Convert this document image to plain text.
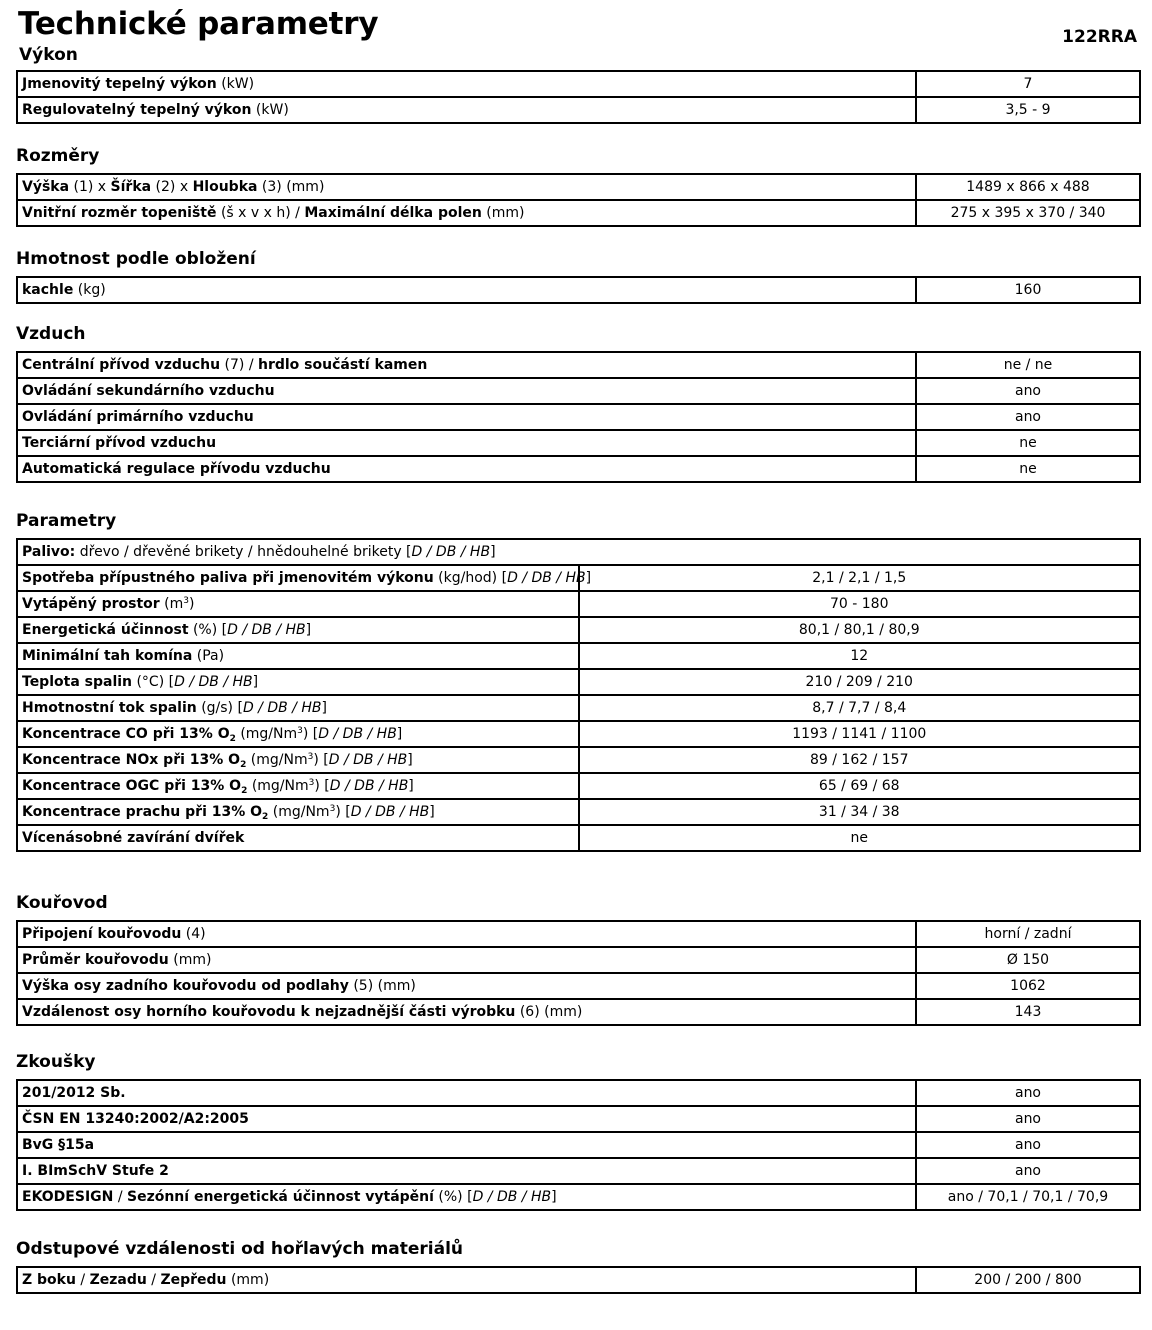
Technické parametry	122RRA
Výkon
Jmenovitý tepelný výkon (kW)	7
Regulovatelný tepelný výkon (kW)	3,5 - 9
Rozměry
Výška (1) x Šířka (2) x Hloubka (3) (mm)	1489 x 866 x 488
Vnitřní rozměr topeniště (š x v x h) / Maximální délka polen (mm)	275 x 395 x 370 / 340
Hmotnost podle obložení
kachle (kg)	160
Vzduch
Centrální přívod vzduchu (7) / hrdlo součástí kamen	ne / ne
Ovládání sekundárního vzduchu	ano
Ovládání primárního vzduchu	ano
Terciární přívod vzduchu	ne
Automatická regulace přívodu vzduchu	ne
Parametry
Palivo: dřevo / dřevěné brikety / hnědouhelné brikety [D / DB / HB]	
Spotřeba přípustného paliva při jmenovitém výkonu (kg/hod) [D / DB / HB]	2,1 / 2,1 / 1,5
Vytápěný prostor $(m^3)$	70 - 180
Energetická účinnost (%) [D / DB / HB]	80,1 / 80,1 / 80,9
Minimální tah komína (Pa)	12
Teplota spalin (°C) [D / DB / HB]	210 / 209 / 210
Hmotnostní tok spalin (g/s) [D / DB / HB]	8,7 / 7,7 / 8,4
Koncentrace CO při 13% $O_2$ (mg/Nm$^3$) [D / DB / HB]	1193 / 1141 / 1100
Koncentrace NOx při 13% $O_2$ (mg/Nm$^3$) [D / DB / HB]	89 / 162 / 157
Koncentrace OGC při 13% $O_2$ (mg/Nm$^3$) [D / DB / HB]	65 / 69 / 68
Koncentrace prachu při 13% $O_2$ (mg/Nm$^3$) [D / DB / HB]	31 / 34 / 38
Vícenásobné zavírání dvířek	ne
Kouřovod
Připojení kouřovodu (4)	horní / zadní
Průměr kouřovodu (mm)	Ø 150
Výška osy zadního kouřovodu od podlahy (5) (mm)	1062
Vzdálenost osy horního kouřovodu k nejzadnější části výrobku (6) (mm)	143
Zkoušky
201/2012 Sb.	ano
ČSN EN 13240:2002/A2:2005	ano
BvG §15a	ano
I. BImSchV Stufe 2	ano
EKODESIGN / Sezónní energetická účinnost vytápění (%) [D / DB / HB]	ano / 70,1 / 70,1 / 70,9
Odstupové vzdálenosti od hořlavých materiálů
Z boku / Zezadu / Zepředu (mm)	200 / 200 / 800
